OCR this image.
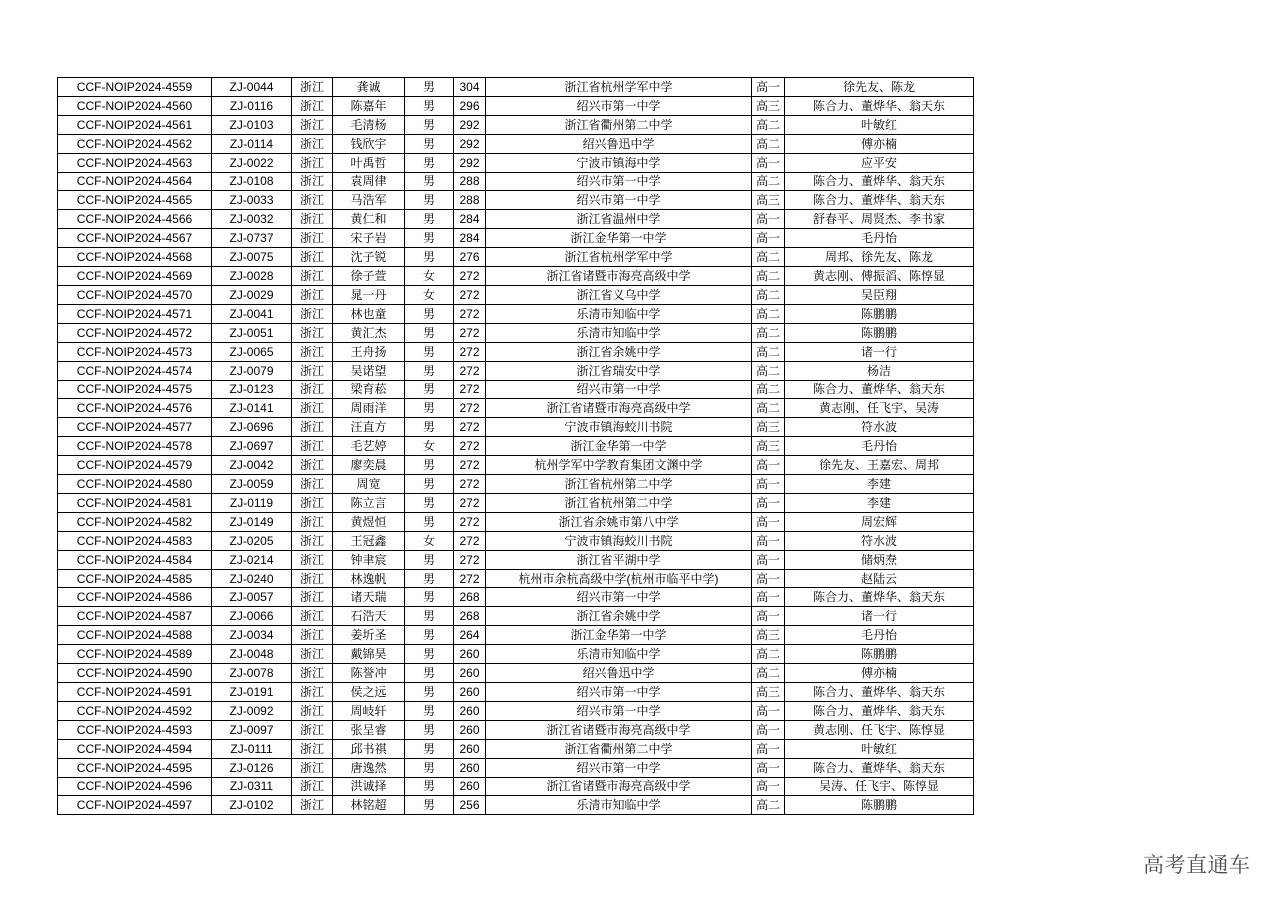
CCF-NOIP2024-4559	ZJ-0044	浙江	龚诚	男	304	浙江省杭州学军中学	高一	徐先友、陈龙
CCF-NOIP2024-4560	ZJ-0116	浙江	陈嘉年	男	296	绍兴市第一中学	高三	陈合力、董烨华、翁天东
CCF-NOIP2024-4561	ZJ-0103	浙江	毛清杨	男	292	浙江省衢州第二中学	高二	叶敏红
CCF-NOIP2024-4562	ZJ-0114	浙江	钱欣宇	男	292	绍兴鲁迅中学	高二	傅亦楠
CCF-NOIP2024-4563	ZJ-0022	浙江	叶禹哲	男	292	宁波市镇海中学	高一	应平安
CCF-NOIP2024-4564	ZJ-0108	浙江	袁周律	男	288	绍兴市第一中学	高二	陈合力、董烨华、翁天东
CCF-NOIP2024-4565	ZJ-0033	浙江	马浩军	男	288	绍兴市第一中学	高三	陈合力、董烨华、翁天东
CCF-NOIP2024-4566	ZJ-0032	浙江	黄仁和	男	284	浙江省温州中学	高一	舒春平、周贤杰、李书家
CCF-NOIP2024-4567	ZJ-0737	浙江	宋子岩	男	284	浙江金华第一中学	高一	毛丹怡
CCF-NOIP2024-4568	ZJ-0075	浙江	沈子锐	男	276	浙江省杭州学军中学	高二	周邦、徐先友、陈龙
CCF-NOIP2024-4569	ZJ-0028	浙江	徐子萱	女	272	浙江省诸暨市海亮高级中学	高二	黄志刚、傅振滔、陈惇显
CCF-NOIP2024-4570	ZJ-0029	浙江	晁一丹	女	272	浙江省义乌中学	高二	吴臣翔
CCF-NOIP2024-4571	ZJ-0041	浙江	林也童	男	272	乐清市知临中学	高二	陈鹏鹏
CCF-NOIP2024-4572	ZJ-0051	浙江	黄汇杰	男	272	乐清市知临中学	高二	陈鹏鹏
CCF-NOIP2024-4573	ZJ-0065	浙江	王舟扬	男	272	浙江省余姚中学	高二	诸一行
CCF-NOIP2024-4574	ZJ-0079	浙江	吴诺望	男	272	浙江省瑞安中学	高二	杨洁
CCF-NOIP2024-4575	ZJ-0123	浙江	梁育菘	男	272	绍兴市第一中学	高二	陈合力、董烨华、翁天东
CCF-NOIP2024-4576	ZJ-0141	浙江	周雨洋	男	272	浙江省诸暨市海亮高级中学	高二	黄志刚、任飞宇、吴涛
CCF-NOIP2024-4577	ZJ-0696	浙江	汪直方	男	272	宁波市镇海蛟川书院	高三	符水波
CCF-NOIP2024-4578	ZJ-0697	浙江	毛艺婷	女	272	浙江金华第一中学	高三	毛丹怡
CCF-NOIP2024-4579	ZJ-0042	浙江	廖奕晨	男	272	杭州学军中学教育集团文渊中学	高一	徐先友、王嘉宏、周邦
CCF-NOIP2024-4580	ZJ-0059	浙江	周宽	男	272	浙江省杭州第二中学	高一	李建
CCF-NOIP2024-4581	ZJ-0119	浙江	陈立言	男	272	浙江省杭州第二中学	高一	李建
CCF-NOIP2024-4582	ZJ-0149	浙江	黄煜恒	男	272	浙江省余姚市第八中学	高一	周宏辉
CCF-NOIP2024-4583	ZJ-0205	浙江	王冠鑫	女	272	宁波市镇海蛟川书院	高一	符水波
CCF-NOIP2024-4584	ZJ-0214	浙江	钟聿宸	男	272	浙江省平湖中学	高一	储炳焘
CCF-NOIP2024-4585	ZJ-0240	浙江	林逸帆	男	272	杭州市余杭高级中学(杭州市临平中学)	高一	赵陆云
CCF-NOIP2024-4586	ZJ-0057	浙江	诸天瑞	男	268	绍兴市第一中学	高一	陈合力、董烨华、翁天东
CCF-NOIP2024-4587	ZJ-0066	浙江	石浩天	男	268	浙江省余姚中学	高一	诸一行
CCF-NOIP2024-4588	ZJ-0034	浙江	姜圻圣	男	264	浙江金华第一中学	高三	毛丹怡
CCF-NOIP2024-4589	ZJ-0048	浙江	戴锦昊	男	260	乐清市知临中学	高二	陈鹏鹏
CCF-NOIP2024-4590	ZJ-0078	浙江	陈誉冲	男	260	绍兴鲁迅中学	高二	傅亦楠
CCF-NOIP2024-4591	ZJ-0191	浙江	侯之远	男	260	绍兴市第一中学	高三	陈合力、董烨华、翁天东
CCF-NOIP2024-4592	ZJ-0092	浙江	周岐轩	男	260	绍兴市第一中学	高一	陈合力、董烨华、翁天东
CCF-NOIP2024-4593	ZJ-0097	浙江	张呈睿	男	260	浙江省诸暨市海亮高级中学	高一	黄志刚、任飞宇、陈惇显
CCF-NOIP2024-4594	ZJ-0111	浙江	邱书祺	男	260	浙江省衢州第二中学	高一	叶敏红
CCF-NOIP2024-4595	ZJ-0126	浙江	唐逸然	男	260	绍兴市第一中学	高一	陈合力、董烨华、翁天东
CCF-NOIP2024-4596	ZJ-0311	浙江	洪诚择	男	260	浙江省诸暨市海亮高级中学	高一	吴涛、任飞宇、陈惇显
CCF-NOIP2024-4597	ZJ-0102	浙江	林铭超	男	256	乐清市知临中学	高二	陈鹏鹏
高考直通车
